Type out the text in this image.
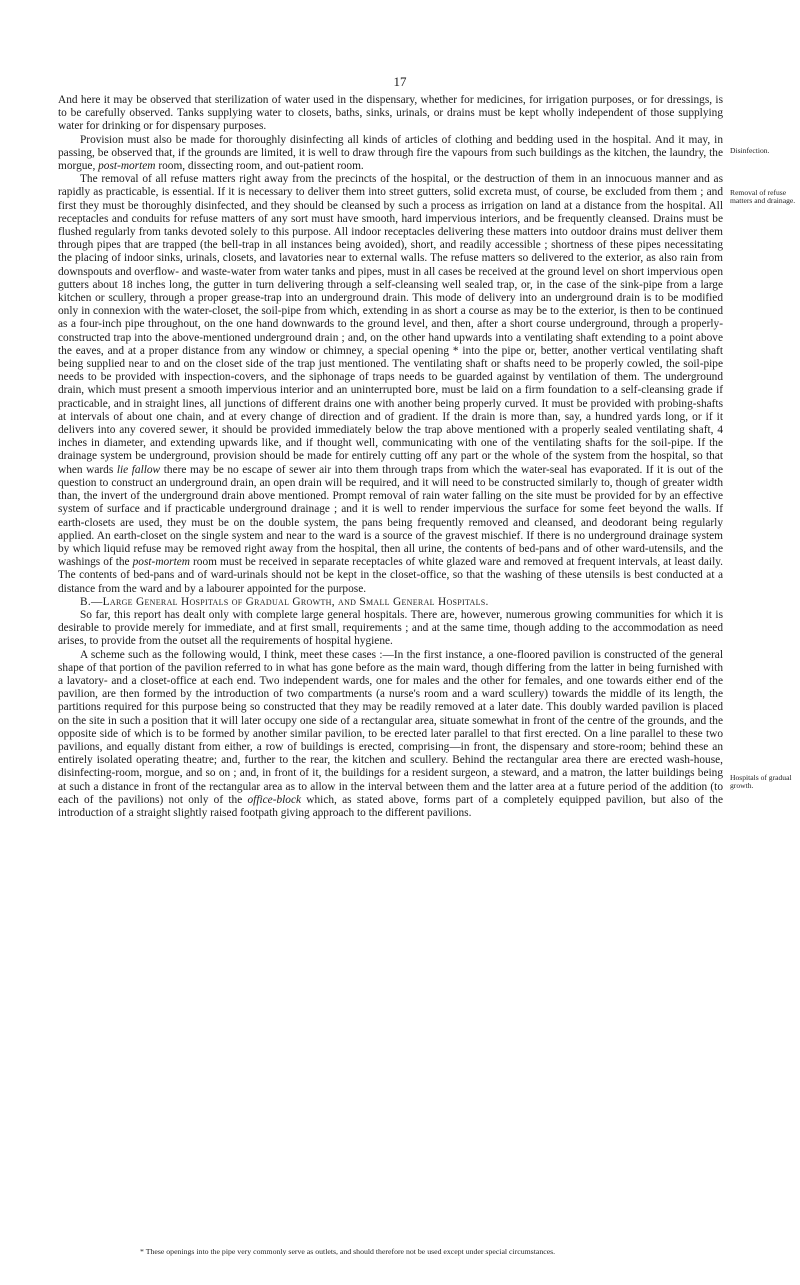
17
Disinfection.
Removal of refuse matters and drainage.
Hospitals of gradual growth.

And here it may be observed that sterilization of water used in the dispensary, whether for medicines, for irrigation purposes, or for dressings, is to be carefully observed. Tanks supplying water to closets, baths, sinks, urinals, or drains must be kept wholly independent of those supplying water for drinking or for dispensary purposes.

Provision must also be made for thoroughly disinfecting all kinds of articles of clothing and bedding used in the hospital. And it may, in passing, be observed that, if the grounds are limited, it is well to draw through fire the vapours from such buildings as the kitchen, the laundry, the morgue, post-mortem room, dissecting room, and out-patient room.

The removal of all refuse matters right away from the precincts of the hospital, or the destruction of them in an innocuous manner and as rapidly as practicable, is essential. If it is necessary to deliver them into street gutters, solid excreta must, of course, be excluded from them ; and first they must be thoroughly disinfected, and they should be cleansed by such a process as irrigation on land at a distance from the hospital. All receptacles and conduits for refuse matters of any sort must have smooth, hard impervious interiors, and be frequently cleansed. Drains must be flushed regularly from tanks devoted solely to this purpose. All indoor receptacles delivering these matters into outdoor drains must deliver them through pipes that are trapped (the bell-trap in all instances being avoided), short, and readily accessible ; shortness of these pipes necessitating the placing of indoor sinks, urinals, closets, and lavatories near to external walls. The refuse matters so delivered to the exterior, as also rain from downspouts and overflow- and waste-water from water tanks and pipes, must in all cases be received at the ground level on short impervious open gutters about 18 inches long, the gutter in turn delivering through a self-cleansing well sealed trap, or, in the case of the sink-pipe from a large kitchen or scullery, through a proper grease-trap into an underground drain. This mode of delivery into an underground drain is to be modified only in connexion with the water-closet, the soil-pipe from which, extending in as short a course as may be to the exterior, is then to be continued as a four-inch pipe throughout, on the one hand downwards to the ground level, and then, after a short course underground, through a properly-constructed trap into the above-mentioned underground drain ; and, on the other hand upwards into a ventilating shaft extending to a point above the eaves, and at a proper distance from any window or chimney, a special opening * into the pipe or, better, another vertical ventilating shaft being supplied near to and on the closet side of the trap just mentioned. The ventilating shaft or shafts need to be properly cowled, the soil-pipe needs to be provided with inspection-covers, and the siphonage of traps needs to be guarded against by ventilation of them. The underground drain, which must present a smooth impervious interior and an uninterrupted bore, must be laid on a firm foundation to a self-cleansing grade if practicable, and in straight lines, all junctions of different drains one with another being properly curved. It must be provided with probing-shafts at intervals of about one chain, and at every change of direction and of gradient. If the drain is more than, say, a hundred yards long, or if it delivers into any covered sewer, it should be provided immediately below the trap above mentioned with a properly sealed ventilating shaft, 4 inches in diameter, and extending upwards like, and if thought well, communicating with one of the ventilating shafts for the soil-pipe. If the drainage system be underground, provision should be made for entirely cutting off any part or the whole of the system from the hospital, so that when wards lie fallow there may be no escape of sewer air into them through traps from which the water-seal has evaporated. If it is out of the question to construct an underground drain, an open drain will be required, and it will need to be constructed similarly to, though of greater width than, the invert of the underground drain above mentioned. Prompt removal of rain water falling on the site must be provided for by an effective system of surface and if practicable underground drainage ; and it is well to render impervious the surface for some feet beyond the walls. If earth-closets are used, they must be on the double system, the pans being frequently removed and cleansed, and deodorant being regularly applied. An earth-closet on the single system and near to the ward is a source of the gravest mischief. If there is no underground drainage system by which liquid refuse may be removed right away from the hospital, then all urine, the contents of bed-pans and of other ward-utensils, and the washings of the post-mortem room must be received in separate receptacles of white glazed ware and removed at frequent intervals, at least daily. The contents of bed-pans and of ward-urinals should not be kept in the closet-office, so that the washing of these utensils is best conducted at a distance from the ward and by a labourer appointed for the purpose.

B.—Large General Hospitals of Gradual Growth, and Small General Hospitals.

So far, this report has dealt only with complete large general hospitals. There are, however, numerous growing communities for which it is desirable to provide merely for immediate, and at first small, requirements ; and at the same time, though adding to the accommodation as need arises, to provide from the outset all the requirements of hospital hygiene.

A scheme such as the following would, I think, meet these cases :—In the first instance, a one-floored pavilion is constructed of the general shape of that portion of the pavilion referred to in what has gone before as the main ward, though differing from the latter in being furnished with a lavatory- and a closet-office at each end. Two independent wards, one for males and the other for females, and one towards either end of the pavilion, are then formed by the introduction of two compartments (a nurse's room and a ward scullery) towards the middle of its length, the partitions required for this purpose being so constructed that they may be readily removed at a later date. This doubly warded pavilion is placed on the site in such a position that it will later occupy one side of a rectangular area, situate somewhat in front of the centre of the grounds, and the opposite side of which is to be formed by another similar pavilion, to be erected later parallel to that first erected. On a line parallel to these two pavilions, and equally distant from either, a row of buildings is erected, comprising—in front, the dispensary and store-room; behind these an entirely isolated operating theatre; and, further to the rear, the kitchen and scullery. Behind the rectangular area there are erected wash-house, disinfecting-room, morgue, and so on ; and, in front of it, the buildings for a resident surgeon, a steward, and a matron, the latter buildings being at such a distance in front of the rectangular area as to allow in the interval between them and the latter area at a future period of the addition (to each of the pavilions) not only of the office-block which, as stated above, forms part of a completely equipped pavilion, but also of the introduction of a straight slightly raised footpath giving approach to the different pavilions.

* These openings into the pipe very commonly serve as outlets, and should therefore not be used except under special circumstances.
